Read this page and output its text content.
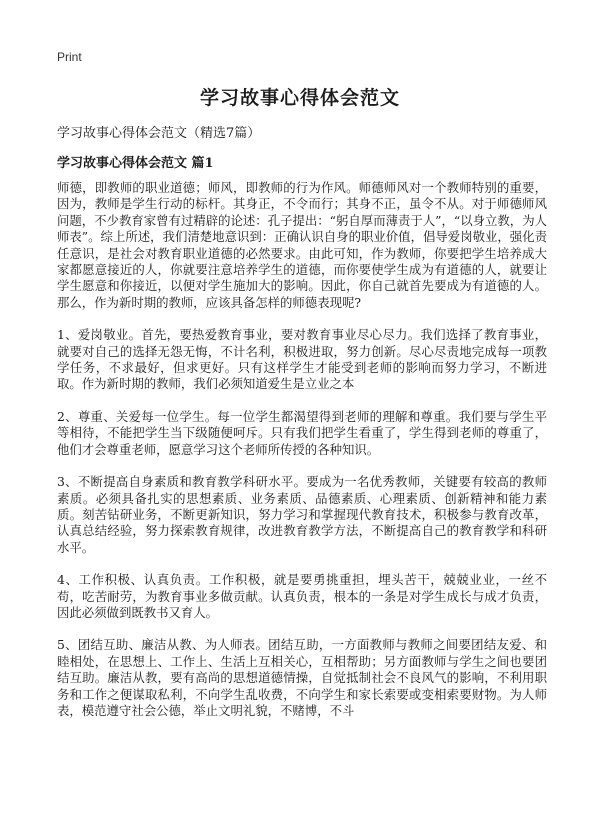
Print
学习故事心得体会范文
学习故事心得体会范文（精选7篇）
学习故事心得体会范文 篇1

师德，即教师的职业道德；师风，即教师的行为作风。师德师风对一个教师特别的重要，因为，教师是学生行动的标杆。其身正，不令而行；其身不正，虽令不从。对于师德师风问题，不少教育家曾有过精辟的论述：孔子提出：“躬自厚而薄责于人”，“以身立教，为人师表”。综上所述，我们清楚地意识到：正确认识自身的职业价值，倡导爱岗敬业，强化责任意识，是社会对教育职业道德的必然要求。由此可知，作为教师，你要把学生培养成大家都愿意接近的人，你就要注意培养学生的道德，而你要使学生成为有道德的人，就要让学生愿意和你接近，以便对学生施加大的影响。因此，你自己就首先要成为有道德的人。那么，作为新时期的教师，应该具备怎样的师德表现呢?

1、爱岗敬业。首先，要热爱教育事业，要对教育事业尽心尽力。我们选择了教育事业，就要对自己的选择无怨无悔，不计名利，积极进取，努力创新。尽心尽责地完成每一项教学任务，不求最好，但求更好。只有这样学生才能受到老师的影响而努力学习，不断进取。作为新时期的教师，我们必须知道爱生是立业之本

2、尊重、关爱每一位学生。每一位学生都渴望得到老师的理解和尊重。我们要与学生平等相待，不能把学生当下级随便呵斥。只有我们把学生看重了，学生得到老师的尊重了，他们才会尊重老师，愿意学习这个老师所传授的各种知识。

3、不断提高自身素质和教育教学科研水平。要成为一名优秀教师，关键要有较高的教师素质。必须具备扎实的思想素质、业务素质、品德素质、心理素质、创新精神和能力素质。刻苦钻研业务，不断更新知识，努力学习和掌握现代教育技术，积极参与教育改革，认真总结经验，努力探索教育规律，改进教育教学方法，不断提高自己的教育教学和科研水平。

4、工作积极、认真负责。工作积极，就是要勇挑重担，埋头苦干，兢兢业业，一丝不苟，吃苦耐劳，为教育事业多做贡献。认真负责，根本的一条是对学生成长与成才负责，因此必须做到既教书又育人。

5、团结互助、廉洁从教、为人师表。团结互助，一方面教师与教师之间要团结友爱、和睦相处，在思想上、工作上、生活上互相关心，互相帮助；另方面教师与学生之间也要团结互助。廉洁从教，要有高尚的思想道德情操，自觉抵制社会不良风气的影响，不利用职务和工作之便谋取私利，不向学生乱收费，不向学生和家长索要或变相索要财物。为人师表，模范遵守社会公德，举止文明礼貌，不赌博，不斗
